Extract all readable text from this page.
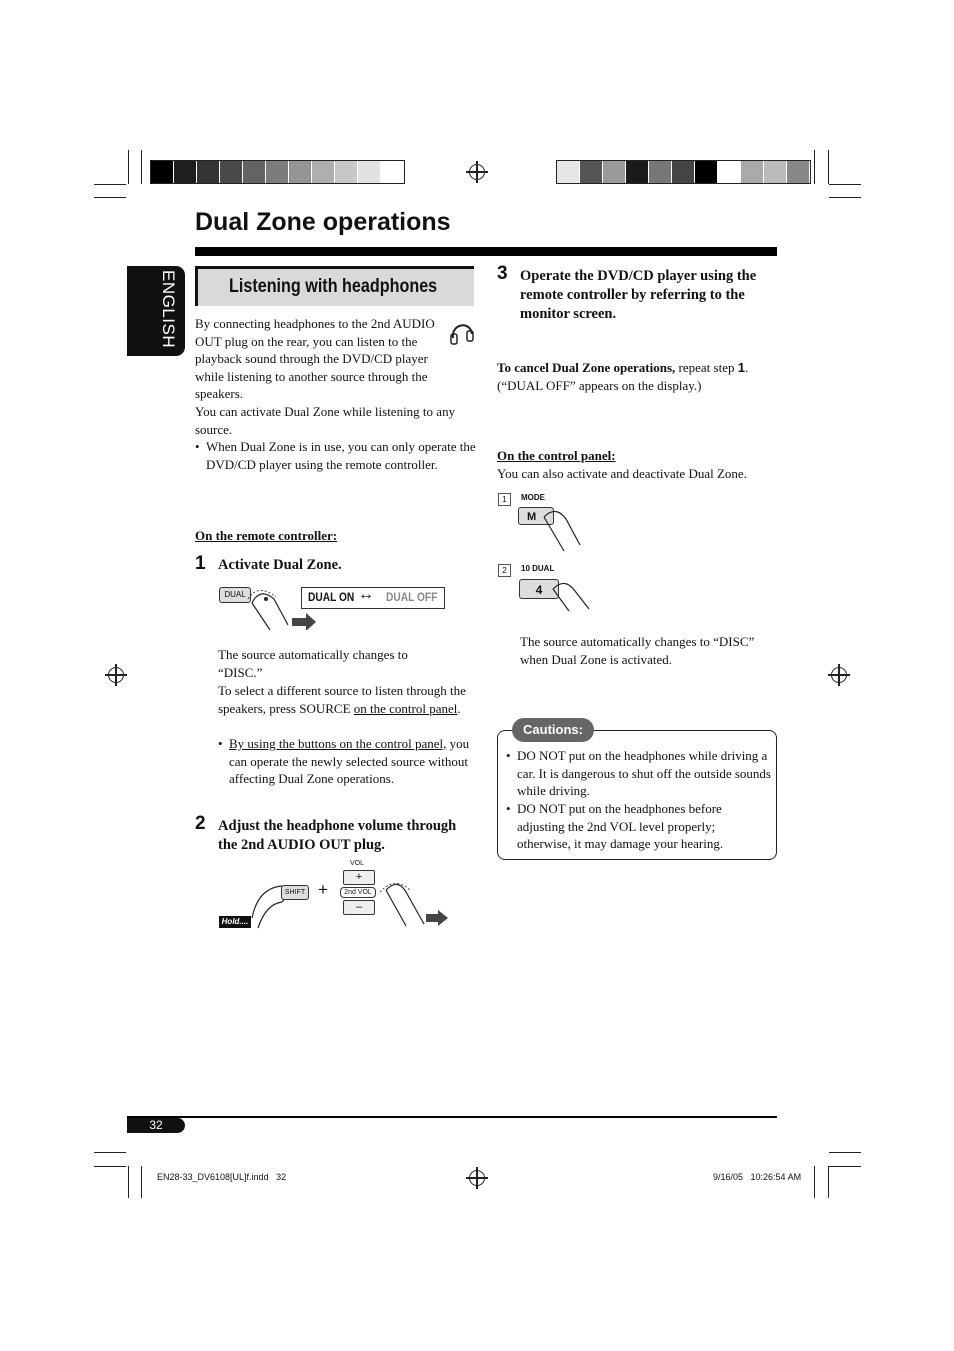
Dual Zone operations
ENGLISH	Listening with headphones
By connecting headphones to the 2nd AUDIO OUT plug on the rear, you can listen to the playback sound through the DVD/CD player while listening to another source through the speakers.
You can activate Dual Zone while listening to any source.
• When Dual Zone is in use, you can only operate the DVD/CD player using the remote controller.
On the remote controller:
1 Activate Dual Zone.
DUAL	DUAL ON ↔ DUAL OFF
The source automatically changes to “DISC.”
To select a different source to listen through the speakers, press SOURCE on the control panel.
• By using the buttons on the control panel, you can operate the newly selected source without affecting Dual Zone operations.
2 Adjust the headphone volume through the 2nd AUDIO OUT plug.
SHIFT +
VOL
+
2nd VOL
–
Hold....
3 Operate the DVD/CD player using the remote controller by referring to the monitor screen.
To cancel Dual Zone operations, repeat step 1.
(“DUAL OFF” appears on the display.)
On the control panel:
You can also activate and deactivate Dual Zone.
1	MODE
M
2	10 DUAL
4
The source automatically changes to “DISC” when Dual Zone is activated.
Cautions:
• DO NOT put on the headphones while driving a car. It is dangerous to shut off the outside sounds while driving.
• DO NOT put on the headphones before adjusting the 2nd VOL level properly; otherwise, it may damage your hearing.
32
EN28-33_DV6108[UL]f.indd   32	9/16/05   10:26:54 AM
